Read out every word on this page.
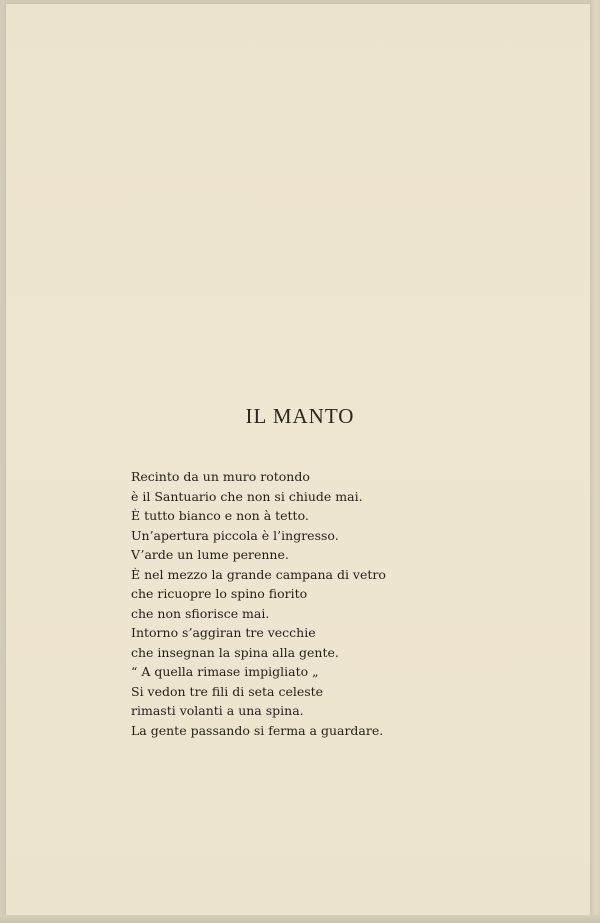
IL MANTO
Recinto da un muro rotondo
è il Santuario che non si chiude mai.
È tutto bianco e non à tetto.
Un’apertura piccola è l’ingresso.
V’arde un lume perenne.
È nel mezzo la grande campana di vetro
che ricuopre lo spino fiorito
che non sfiorisce mai.
Intorno s’aggiran tre vecchie
che insegnan la spina alla gente.
“ A quella rimase impigliato „
Si vedon tre fili di seta celeste
rimasti volanti a una spina.
La gente passando si ferma a guardare.
